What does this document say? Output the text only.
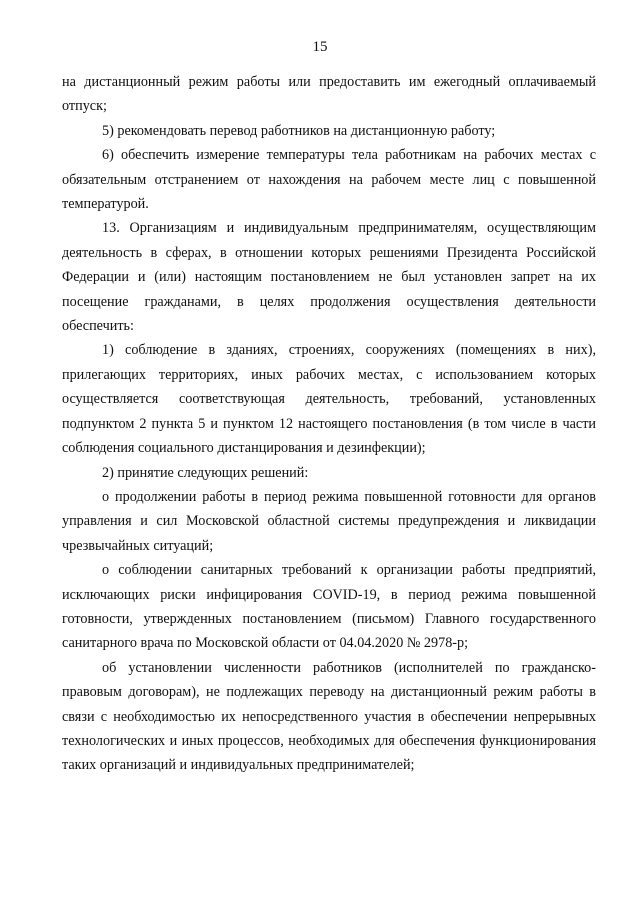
15

на дистанционный режим работы или предоставить им ежегодный оплачиваемый отпуск;

5) рекомендовать перевод работников на дистанционную работу;

6) обеспечить измерение температуры тела работникам на рабочих местах с обязательным отстранением от нахождения на рабочем месте лиц с повышенной температурой.

13. Организациям и индивидуальным предпринимателям, осуществляющим деятельность в сферах, в отношении которых решениями Президента Российской Федерации и (или) настоящим постановлением не был установлен запрет на их посещение гражданами, в целях продолжения осуществления деятельности обеспечить:

1) соблюдение в зданиях, строениях, сооружениях (помещениях в них), прилегающих территориях, иных рабочих местах, с использованием которых осуществляется соответствующая деятельность, требований, установленных подпунктом 2 пункта 5 и пунктом 12 настоящего постановления (в том числе в части соблюдения социального дистанцирования и дезинфекции);

2) принятие следующих решений:

о продолжении работы в период режима повышенной готовности для органов управления и сил Московской областной системы предупреждения и ликвидации чрезвычайных ситуаций;

о соблюдении санитарных требований к организации работы предприятий, исключающих риски инфицирования COVID-19, в период режима повышенной готовности, утвержденных постановлением (письмом) Главного государственного санитарного врача по Московской области от 04.04.2020 № 2978-р;

об установлении численности работников (исполнителей по гражданско-правовым договорам), не подлежащих переводу на дистанционный режим работы в связи с необходимостью их непосредственного участия в обеспечении непрерывных технологических и иных процессов, необходимых для обеспечения функционирования таких организаций и индивидуальных предпринимателей;
